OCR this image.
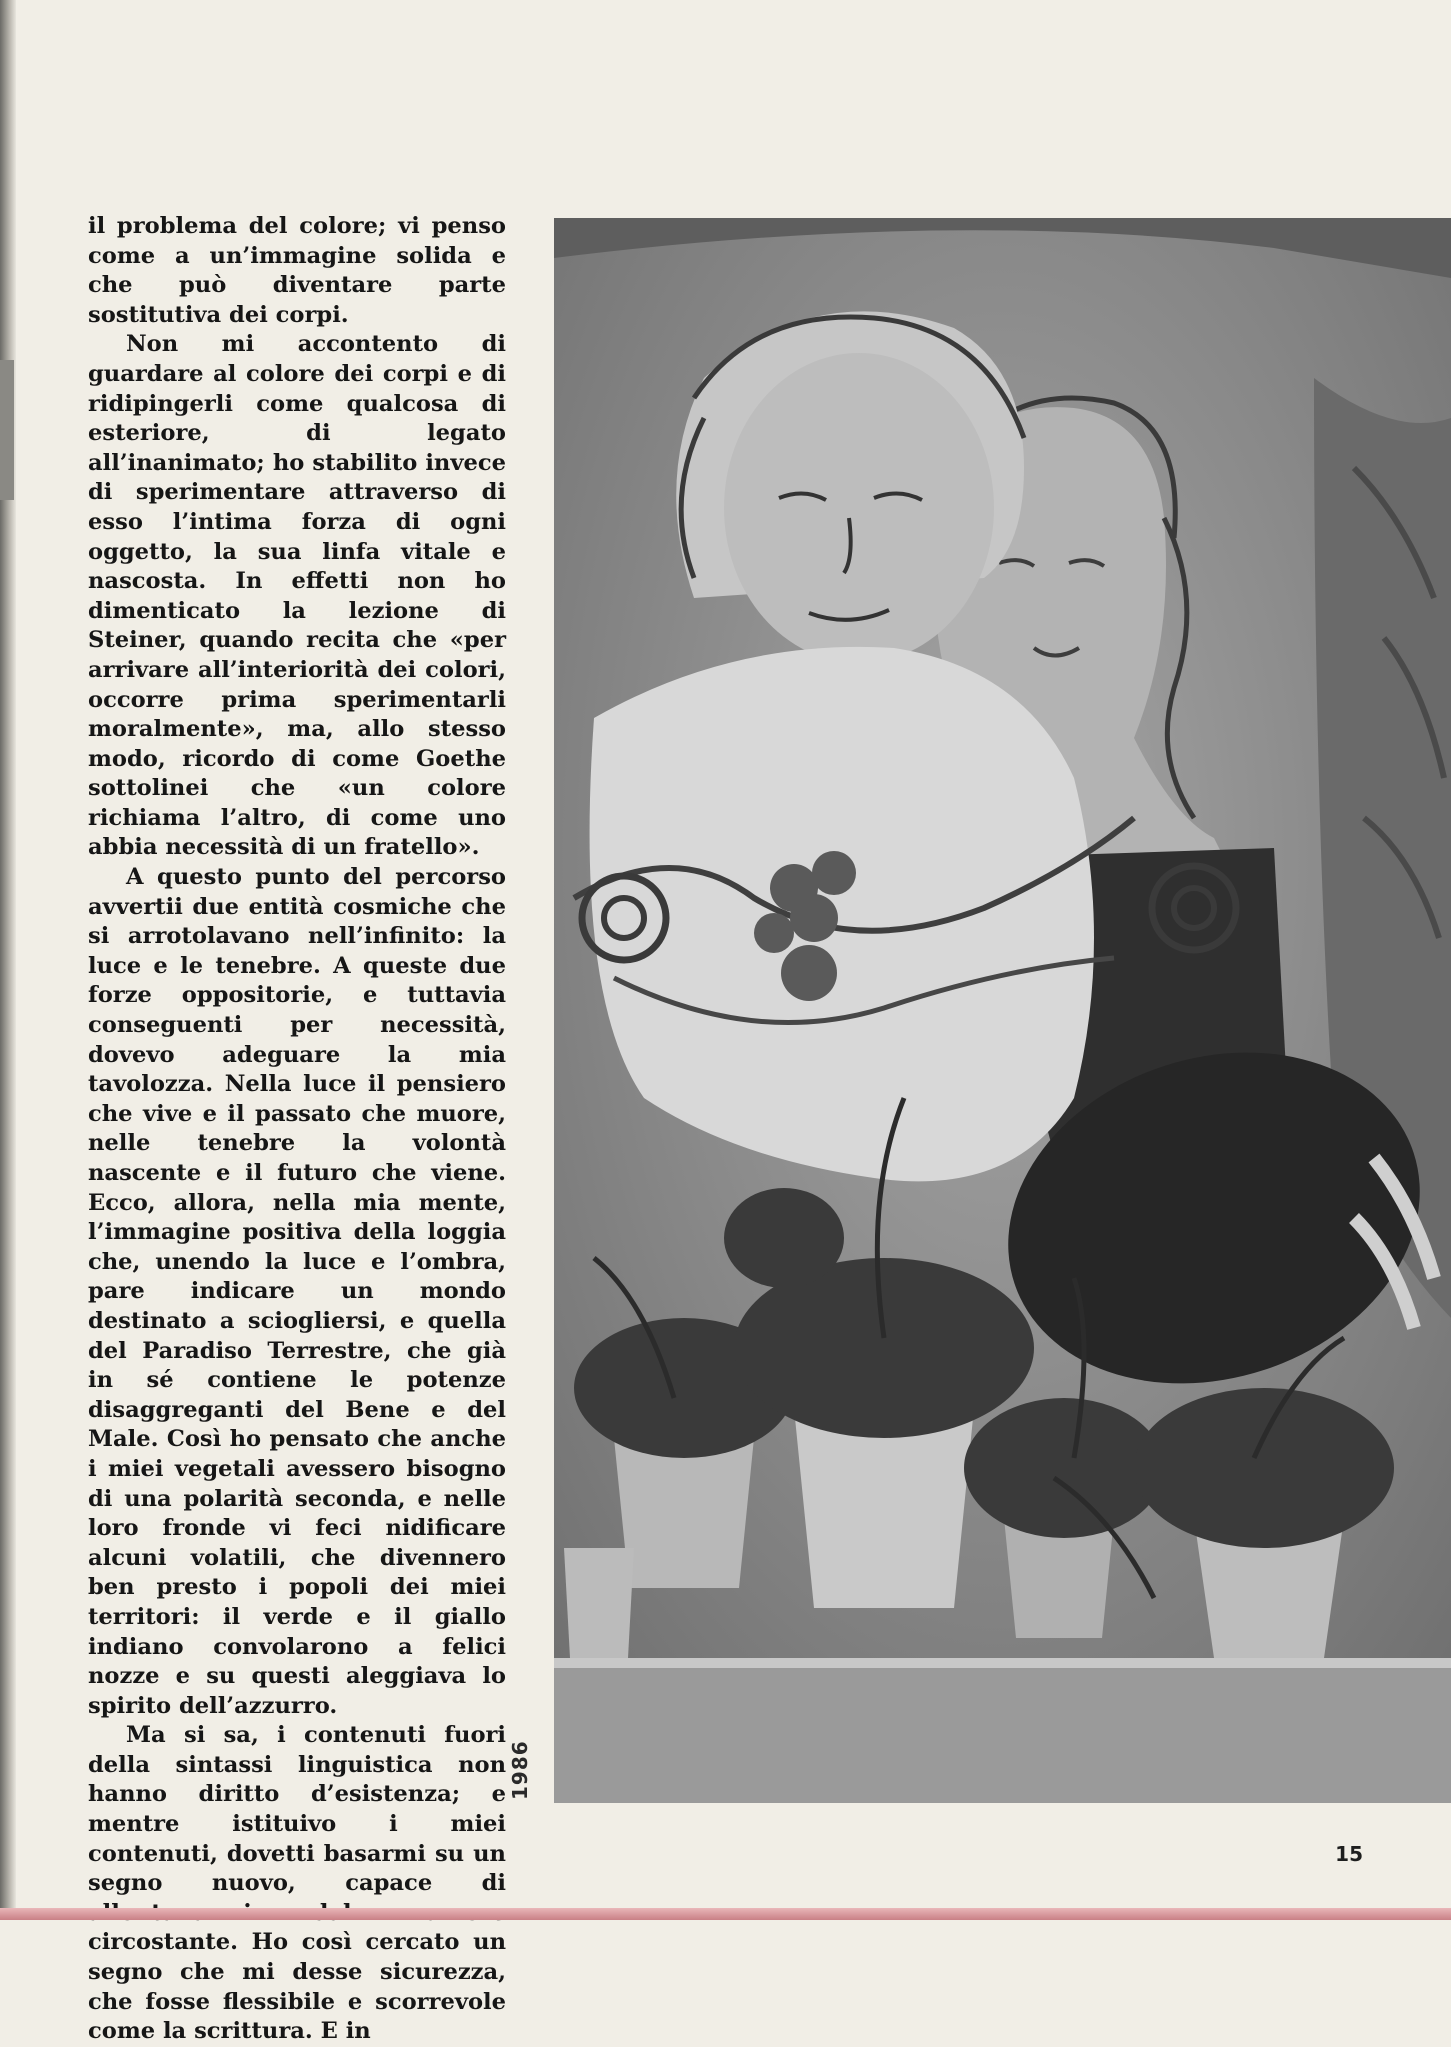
il problema del colore; vi penso come a un’immagine solida e che può diventare parte sostitutiva dei corpi.

Non mi accontento di guardare al colore dei corpi e di ridipingerli come qualcosa di esteriore, di legato all’inanimato; ho stabilito invece di sperimentare attraverso di esso l’intima forza di ogni oggetto, la sua linfa vitale e nascosta. In effetti non ho dimenticato la lezione di Steiner, quando recita che «per arrivare all’interiorità dei colori, occorre prima sperimentarli moralmente», ma, allo stesso modo, ricordo di come Goethe sottolinei che «un colore richiama l’altro, di come uno abbia necessità di un fratello».

A questo punto del percorso avvertii due entità cosmiche che si arrotolavano nell’infinito: la luce e le tenebre. A queste due forze oppositorie, e tuttavia conseguenti per necessità, dovevo adeguare la mia tavolozza. Nella luce il pensiero che vive e il passato che muore, nelle tenebre la volontà nascente e il futuro che viene. Ecco, allora, nella mia mente, l’immagine positiva della loggia che, unendo la luce e l’ombra, pare indicare un mondo destinato a sciogliersi, e quella del Paradiso Terrestre, che già in sé contiene le potenze disaggreganti del Bene e del Male. Così ho pensato che anche i miei vegetali avessero bisogno di una polarità seconda, e nelle loro fronde vi feci nidificare alcuni volatili, che divennero ben presto i popoli dei miei territori: il verde e il giallo indiano convolarono a felici nozze e su questi aleggiava lo spirito dell’azzurro.

Ma si sa, i contenuti fuori della sintassi linguistica non hanno diritto d’esistenza; e mentre istituivo i miei contenuti, dovetti basarmi su un segno nuovo, capace di circostante. Ho così cercato un segno che mi desse sicurezza, che fosse flessibile e scorrevole come la scrittura. E in

1986
15
